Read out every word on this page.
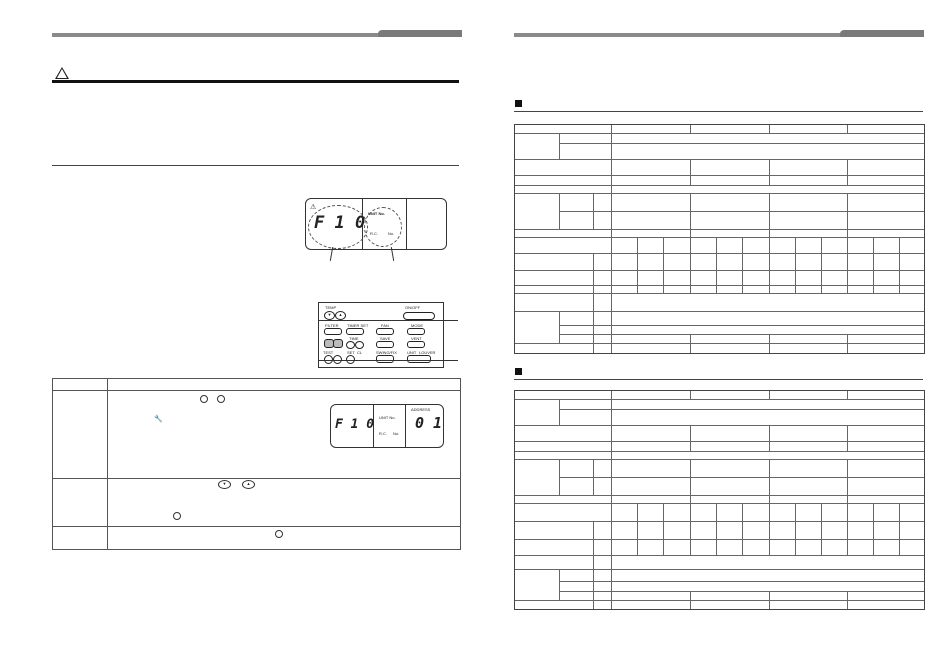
⚠
F 1 0 UNIT No.
R.C.	No.
TEMP
▼	▲
ON/OFF
FILTER TIMER SET	FAN	MODE
TIME	SAVE	VENT
TEST	SET CL	SWING/FIX	UNIT LOUVER
🔧
▼	▲
F 1 0 UNIT No.
R.C. No.
ADDRESS
0 1
